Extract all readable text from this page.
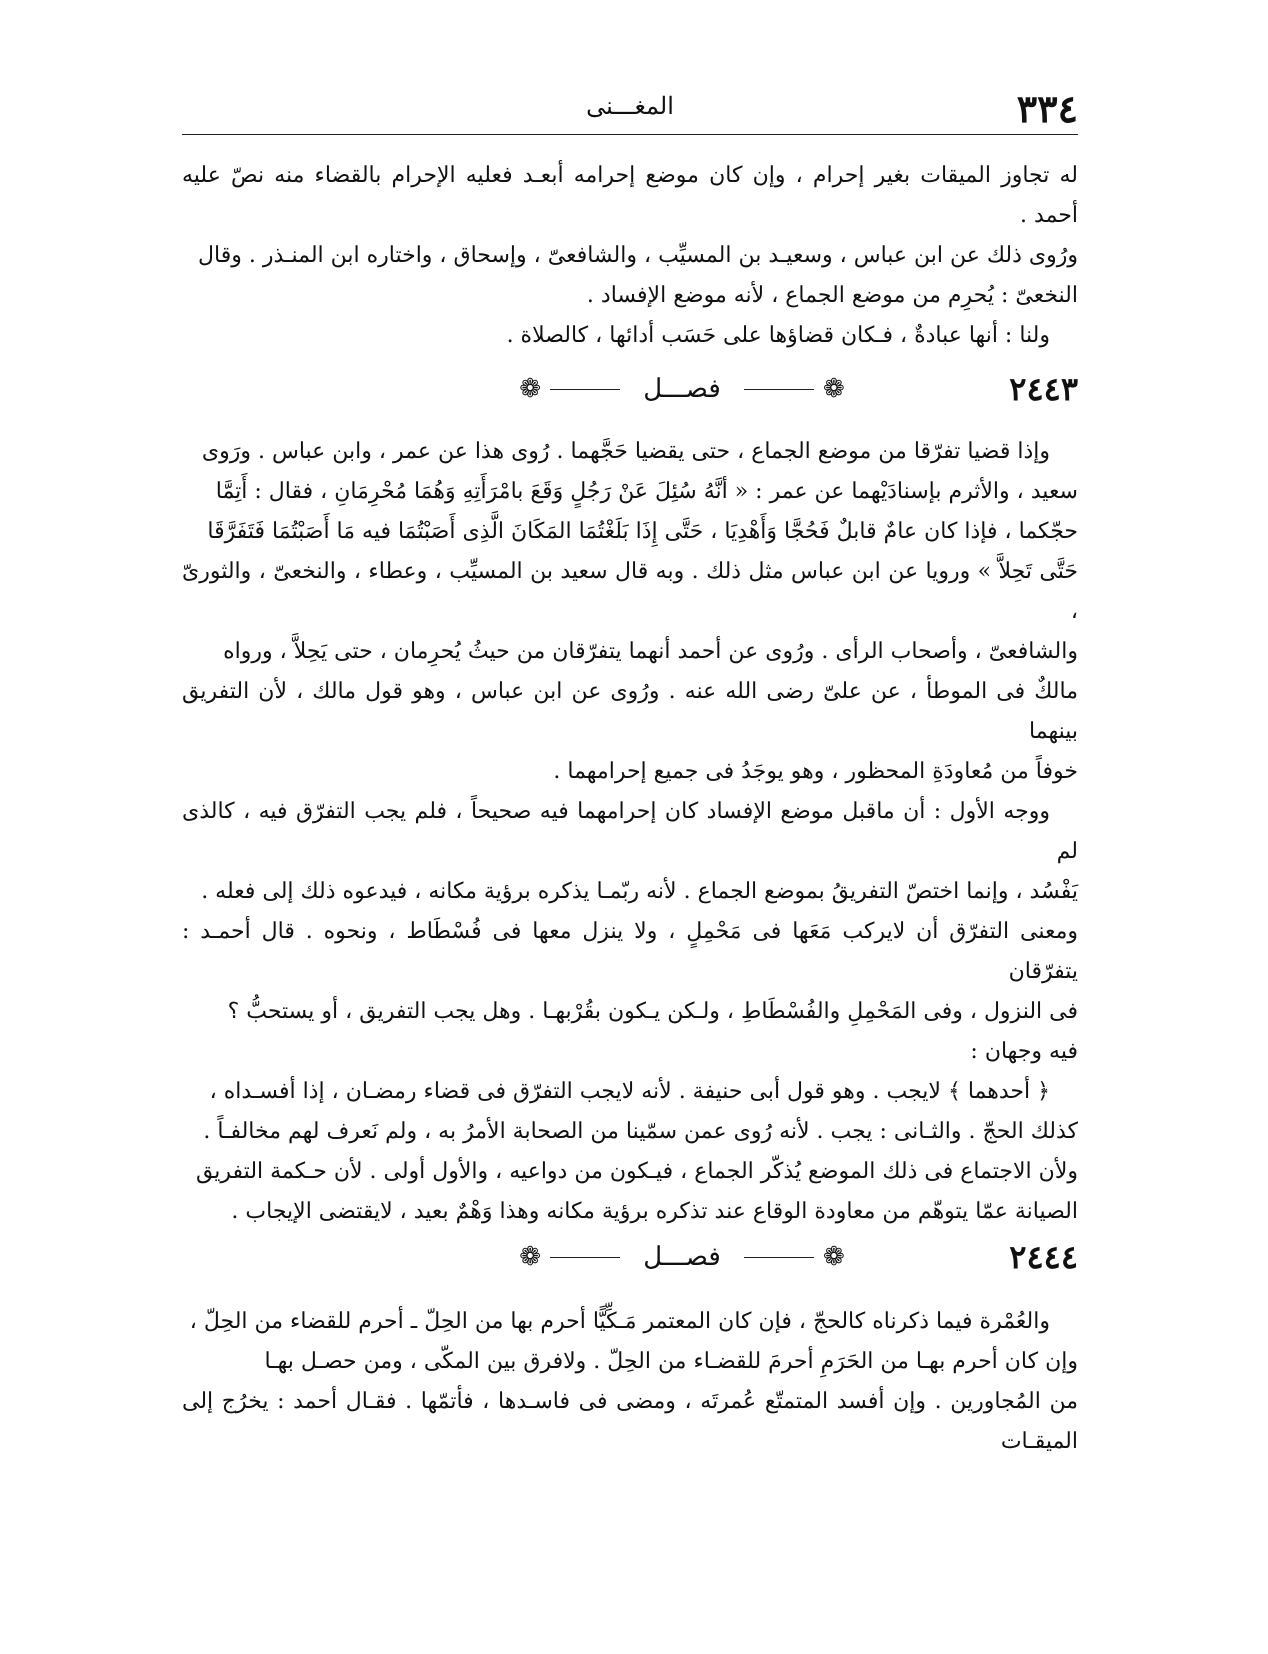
٣٣٤
المغـــنى

له تجاوز الميقات بغير إحرام ، وإن كان موضع إحرامه أبعـد فعليه الإحرام بالقضاء منه نصّ عليه أحمد .

ورُوى ذلك عن ابن عباس ، وسعيـد بن المسيِّب ، والشافعىّ ، وإسحاق ، واختاره ابن المنـذر . وقال

النخعىّ : يُحرِم من موضع الجماع ، لأنه موضع الإفساد .

ولنا : أنها عبادةٌ ، فـكان قضاؤها على حَسَب أدائها ، كالصلاة .

٢٤٤٣
❁  فصـــل  ❁

وإذا قضيا تفرّقا من موضع الجماع ، حتى يقضيا حَجَّهما . رُوى هذا عن عمر ، وابن عباس . ورَوى

سعيد ، والأثرم بإسنادَيْهما عن عمر : « أنَّهُ سُئِلَ عَنْ رَجُلٍ وَقَعَ بامْرَأَتِهِ وَهُمَا مُحْرِمَانِ ، فقال : أَتِمَّا

حجّكما ، فإذا كان عامٌ قابلٌ فَحُجَّا وَأَهْدِيَا ، حَتَّى إِذَا بَلَغْتُمَا المَكَانَ الَّذِى أَصَبْتُمَا فيه مَا أَصَبْتُمَا فَتَفَرَّقَا

حَتَّى تَحِلاَّ » ورويا عن ابن عباس مثل ذلك . وبه قال سعيد بن المسيِّب ، وعطاء ، والنخعىّ ، والثورىّ ،

والشافعىّ ، وأصحاب الرأى . ورُوى عن أحمد أنهما يتفرّقان من حيثُ يُحرِمان ، حتى يَحِلاَّ ، ورواه

مالكٌ فى الموطأ ، عن علىّ رضى الله عنه . ورُوى عن ابن عباس ، وهو قول مالك ، لأن التفريق بينهما

خوفاً من مُعاودَةِ المحظور ، وهو يوجَدُ فى جميع إحرامهما .

ووجه الأول : أن ماقبل موضع الإفساد كان إحرامهما فيه صحيحاً ، فلم يجب التفرّق فيه ، كالذى لم

يَفْسُد ، وإنما اختصّ التفريقُ بموضع الجماع . لأنه ربّمـا يذكره برؤية مكانه ، فيدعوه ذلك إلى فعله .

ومعنى التفرّق أن لايركب مَعَها فى مَحْمِلٍ ، ولا ينزل معها فى فُسْطَاط ، ونحوه . قال أحمـد : يتفرّقان

فى النزول ، وفى المَحْمِلِ والفُسْطَاطِ ، ولـكن يـكون بقُرْبهـا . وهل يجب التفريق ، أو يستحبُّ ؟

فيه وجهان :

﴿ أحدهما ﴾ لايجب . وهو قول أبى حنيفة . لأنه لايجب التفرّق فى قضاء رمضـان ، إذا أفسـداه ،

كذلك الحجّ . والثـانى : يجب . لأنه رُوى عمن سمّينا من الصحابة الأمرُ به ، ولم نَعرف لهم مخالفـاً .

ولأن الاجتماع فى ذلك الموضع يُذكّر الجماع ، فيـكون من دواعيه ، والأول أولى . لأن حـكمة التفريق

الصيانة عمّا يتوهّم من معاودة الوقاع عند تذكره برؤية مكانه وهذا وَهْمٌ بعيد ، لايقتضى الإيجاب .

٢٤٤٤
❁  فصـــل  ❁

والعُمْرة فيما ذكرناه كالحجّ ، فإن كان المعتمر مَـكِّيًّا أحرم بها من الحِلّ ـ أحرم للقضاء من الحِلّ ،

وإن كان أحرم بهـا من الحَرَمِ أحرمَ للقضـاء من الحِلّ . ولافرق بين المكّى ، ومن حصـل بهـا

من المُجاورين . وإن أفسد المتمتّع عُمرتَه ، ومضى فى فاسـدها ، فأتمّها . فقـال أحمد : يخرُج إلى الميقـات
